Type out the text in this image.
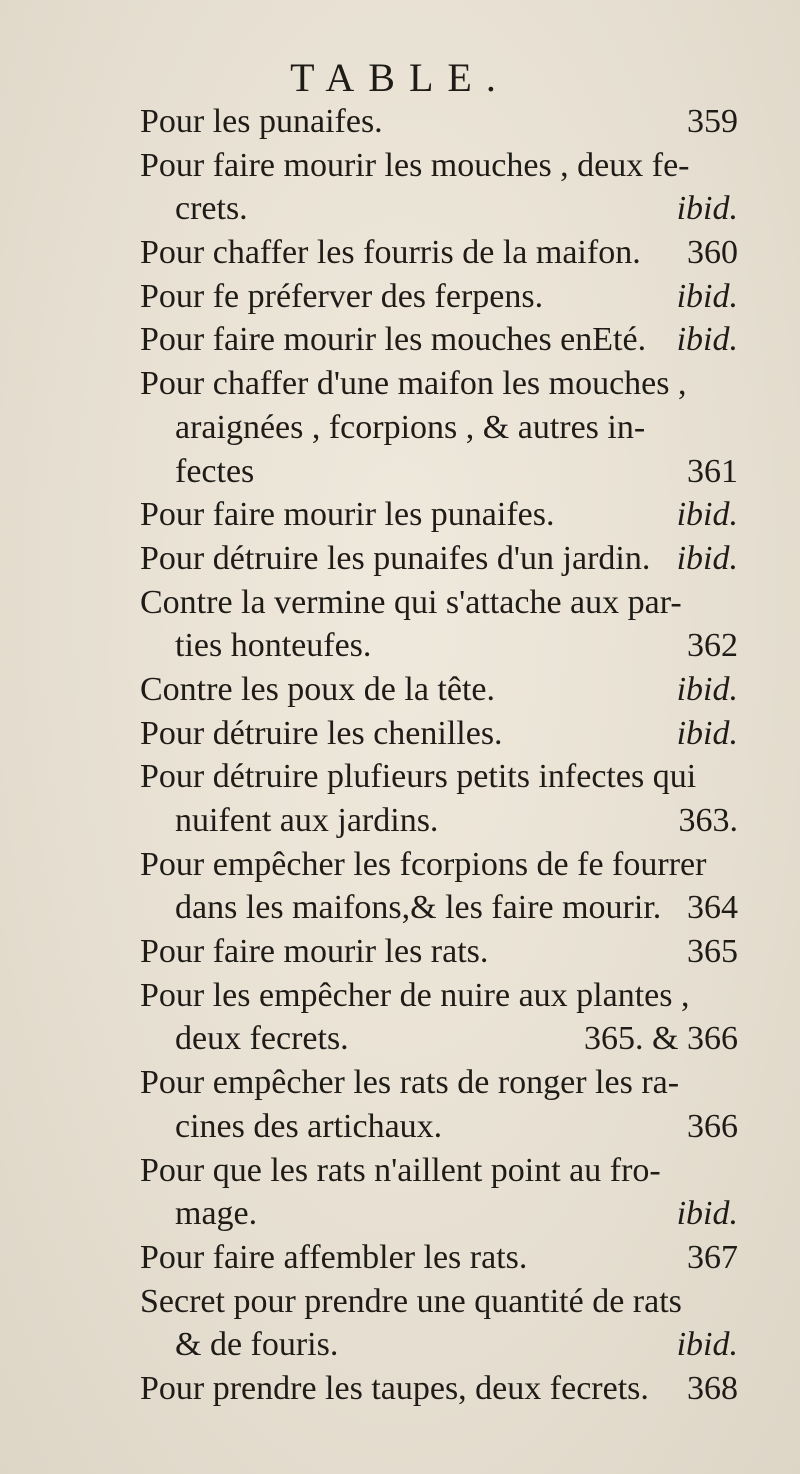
TABLE.
Pour les punaifes.	359
Pour faire mourir les mouches , deux fe-
crets.	ibid.
Pour chaffer les fourris de la maifon. 360
Pour fe préferver des ferpens.	ibid.
Pour faire mourir les mouches enEté. ibid.
Pour chaffer d'une maifon les mouches ,
araignées , fcorpions , & autres in-
fectes	361
Pour faire mourir les punaifes.	ibid.
Pour détruire les punaifes d'un jardin. ibid.
Contre la vermine qui s'attache aux par-
ties honteufes.	362
Contre les poux de la tête.	ibid.
Pour détruire les chenilles.	ibid.
Pour détruire plufieurs petits infectes qui
nuifent aux jardins.	363.
Pour empêcher les fcorpions de fe fourrer
dans les maifons,& les faire mourir. 364
Pour faire mourir les rats.	365
Pour les empêcher de nuire aux plantes ,
deux fecrets.	365. & 366
Pour empêcher les rats de ronger les ra-
cines des artichaux.	366
Pour que les rats n'aillent point au fro-
mage.	ibid.
Pour faire affembler les rats.	367
Secret pour prendre une quantité de rats
& de fouris.	ibid.
Pour prendre les taupes, deux fecrets. 368
